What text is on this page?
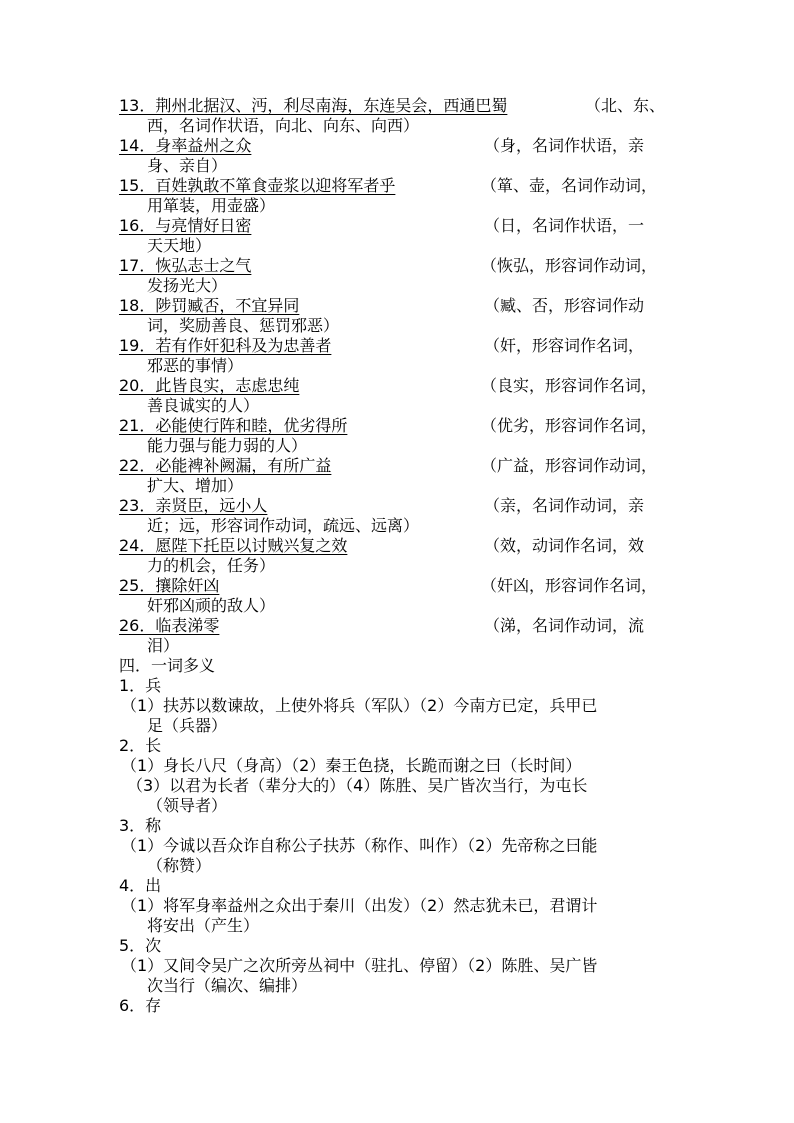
13．荆州北据汉、沔，利尽南海，东连吴会，西通巴蜀	（北、东、
西，名词作状语，向北、向东、向西）
14．身率益州之众	（身，名词作状语，亲
身、亲自）
15．百姓孰敢不箪食壶浆以迎将军者乎	（箪、壶，名词作动词，
用箪装，用壶盛）
16．与亮情好日密	（日，名词作状语，一
天天地）
17．恢弘志士之气	（恢弘，形容词作动词，
发扬光大）
18．陟罚臧否，不宜异同	（臧、否，形容词作动
词，奖励善良、惩罚邪恶）
19．若有作奸犯科及为忠善者	（奸，形容词作名词，
邪恶的事情）
20．此皆良实，志虑忠纯	（良实，形容词作名词，
善良诚实的人）
21．必能使行阵和睦，优劣得所	（优劣，形容词作名词，
能力强与能力弱的人）
22．必能裨补阙漏，有所广益	（广益，形容词作动词，
扩大、增加）
23．亲贤臣，远小人	（亲，名词作动词，亲
近；远，形容词作动词，疏远、远离）
24．愿陛下托臣以讨贼兴复之效	（效，动词作名词，效
力的机会，任务）
25．攘除奸凶	（奸凶，形容词作名词，
奸邪凶顽的敌人）
26．临表涕零	（涕，名词作动词，流
泪）
四．一词多义
1．兵
（1）扶苏以数谏故，上使外将兵（军队）（2）今南方已定，兵甲已
足（兵器）
2．长
（1）身长八尺（身高）（2）秦王色挠，长跪而谢之曰（长时间）
（3）以君为长者（辈分大的）（4）陈胜、吴广皆次当行，为屯长
（领导者）
3．称
（1）今诚以吾众诈自称公子扶苏（称作、叫作）（2）先帝称之曰能
（称赞）
4．出
（1）将军身率益州之众出于秦川（出发）（2）然志犹未已，君谓计
将安出（产生）
5．次
（1）又间令吴广之次所旁丛祠中（驻扎、停留）（2）陈胜、吴广皆
次当行（编次、编排）
6．存
